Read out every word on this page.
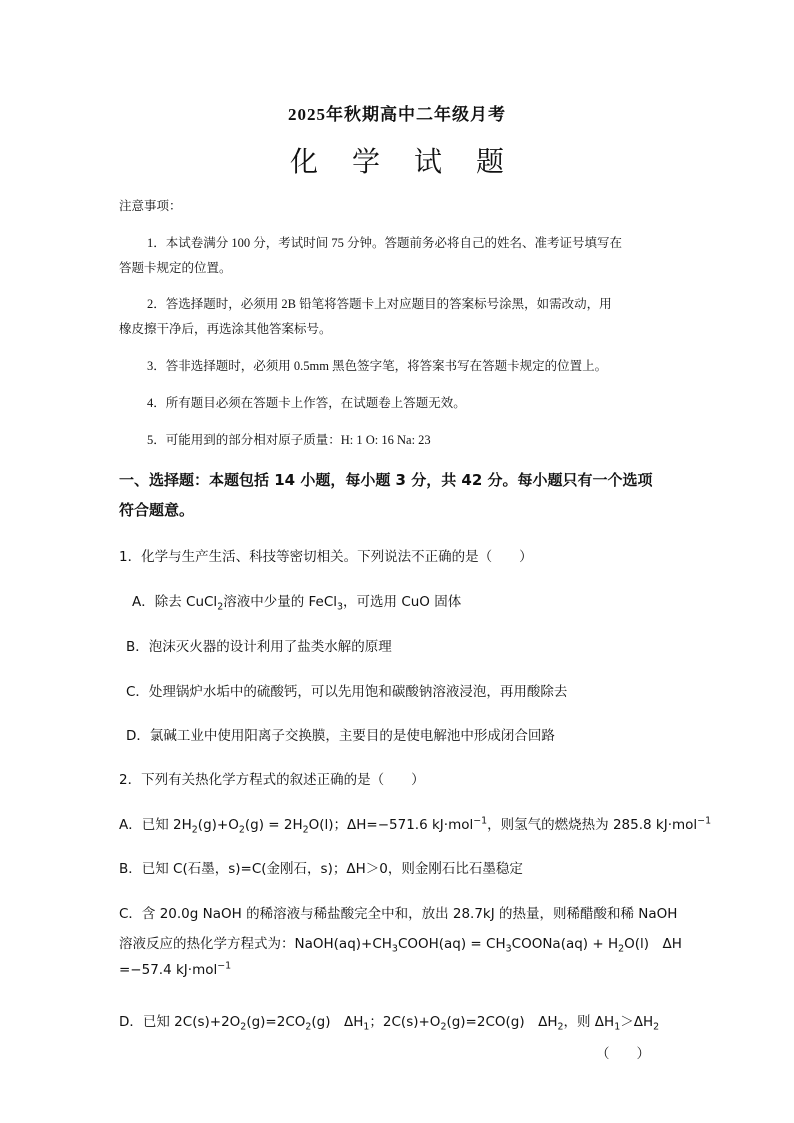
2025年秋期高中二年级月考
化学试题
注意事项：
1．本试卷满分 100 分，考试时间 75 分钟。答题前务必将自己的姓名、准考证号填写在
答题卡规定的位置。
2．答选择题时，必须用 2B 铅笔将答题卡上对应题目的答案标号涂黑，如需改动，用
橡皮擦干净后，再选涂其他答案标号。
3．答非选择题时，必须用 0.5mm 黑色签字笔，将答案书写在答题卡规定的位置上。
4．所有题目必须在答题卡上作答，在试题卷上答题无效。
5．可能用到的部分相对原子质量：H: 1 O: 16 Na: 23
一、选择题：本题包括 14 小题，每小题 3 分，共 42 分。每小题只有一个选项
符合题意。
1．化学与生产生活、科技等密切相关。下列说法不正确的是（　　）
A．除去 CuCl$_2$溶液中少量的 FeCl$_3$，可选用 CuO 固体
B．泡沫灭火器的设计利用了盐类水解的原理
C．处理锅炉水垢中的硫酸钙，可以先用饱和碳酸钠溶液浸泡，再用酸除去
D．氯碱工业中使用阳离子交换膜，主要目的是使电解池中形成闭合回路
2．下列有关热化学方程式的叙述正确的是（　　）
A．已知 $2H_2(g)+O_2(g) = 2H_2O(l)$；ΔH=−571.6 kJ·mol$^{-1}$，则氢气的燃烧热为 285.8 kJ·mol$^{-1}$
B．已知 C(石墨，s)=C(金刚石，s)；ΔH＞0，则金刚石比石墨稳定
C．含 20.0g NaOH 的稀溶液与稀盐酸完全中和，放出 28.7kJ 的热量，则稀醋酸和稀 NaOH
溶液反应的热化学方程式为：$NaOH(aq)+CH_3COOH(aq)$ = $CH_3COONa(aq) + H_2O(l)$　ΔH
=−57.4 kJ·mol$^{-1}$
D．已知 $2C(s)+2O_2(g)=2CO_2(g)$　$\Delta H_1$；$2C(s)+O_2(g)=2CO(g)$　$\Delta H_2$，则 $\Delta H_1>\Delta H_2$
（　　）
